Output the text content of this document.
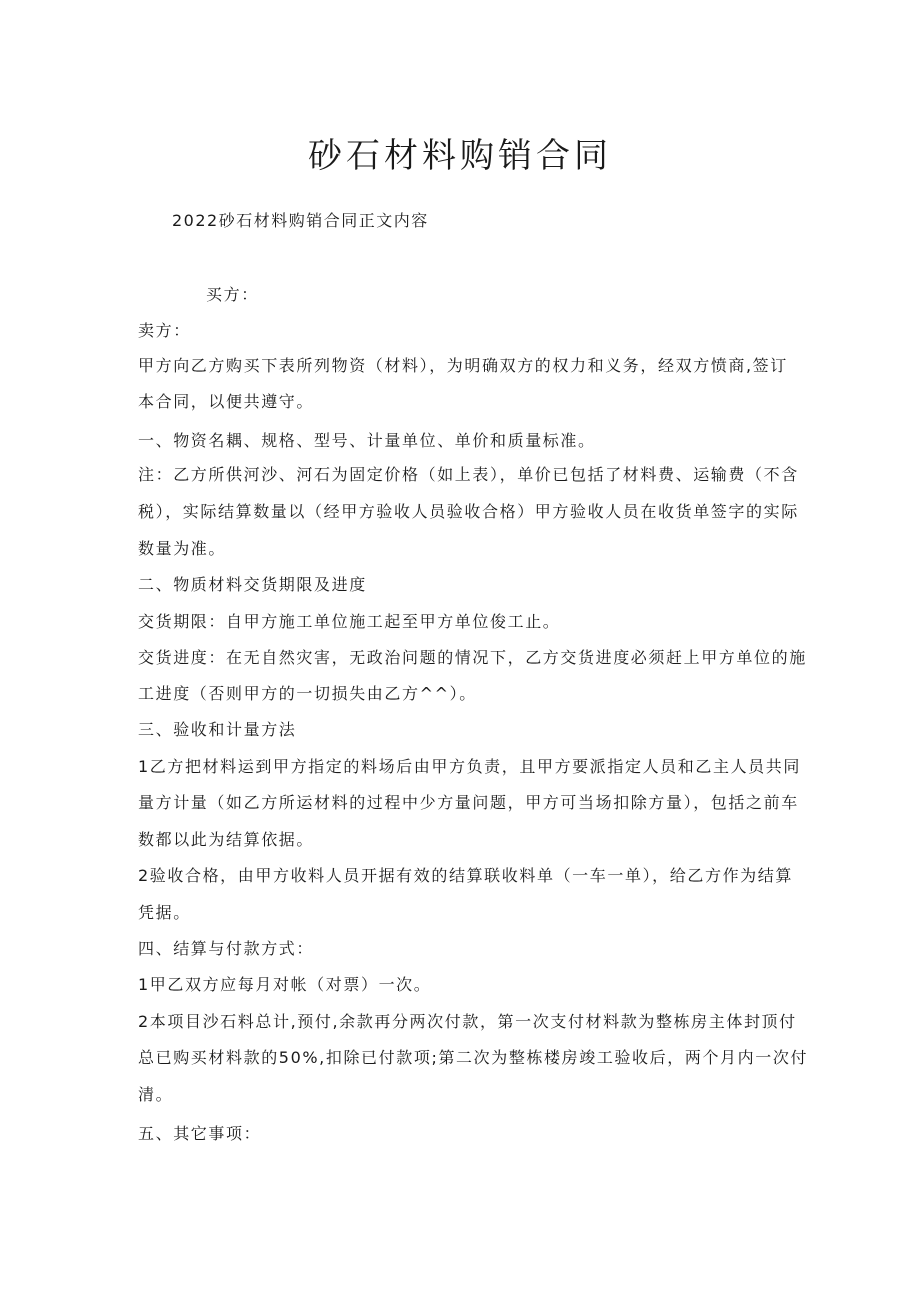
砂石材料购销合同
2022砂石材料购销合同正文内容
买方：
卖方：
甲方向乙方购买下表所列物资（材料），为明确双方的权力和义务，经双方愤商,签订
本合同，以便共遵守。
一、物资名耦、规格、型号、计量单位、单价和质量标准。
注：乙方所供河沙、河石为固定价格（如上表），单价已包括了材料费、运输费（不含
税），实际结算数量以（经甲方验收人员验收合格）甲方验收人员在收货单签字的实际
数量为准。
二、物质材料交货期限及进度
交货期限：自甲方施工单位施工起至甲方单位俊工止。
交货进度：在无自然灾害，无政治问题的情况下，乙方交货进度必须赶上甲方单位的施
工进度（否则甲方的一切损失由乙方^^）。
三、验收和计量方法
1乙方把材料运到甲方指定的料场后由甲方负责，且甲方要派指定人员和乙主人员共同
量方计量（如乙方所运材料的过程中少方量问题，甲方可当场扣除方量），包括之前车
数都以此为结算依据。
2验收合格，由甲方收料人员开据有效的结算联收料单（一车一单），给乙方作为结算
凭据。
四、结算与付款方式：
1甲乙双方应每月对帐（对票）一次。
2本项目沙石料总计,预付,余款再分两次付款，第一次支付材料款为整栋房主体封顶付
总已购买材料款的50%,扣除已付款项;第二次为整栋楼房竣工验收后，两个月内一次付
清。
五、其它事项：
